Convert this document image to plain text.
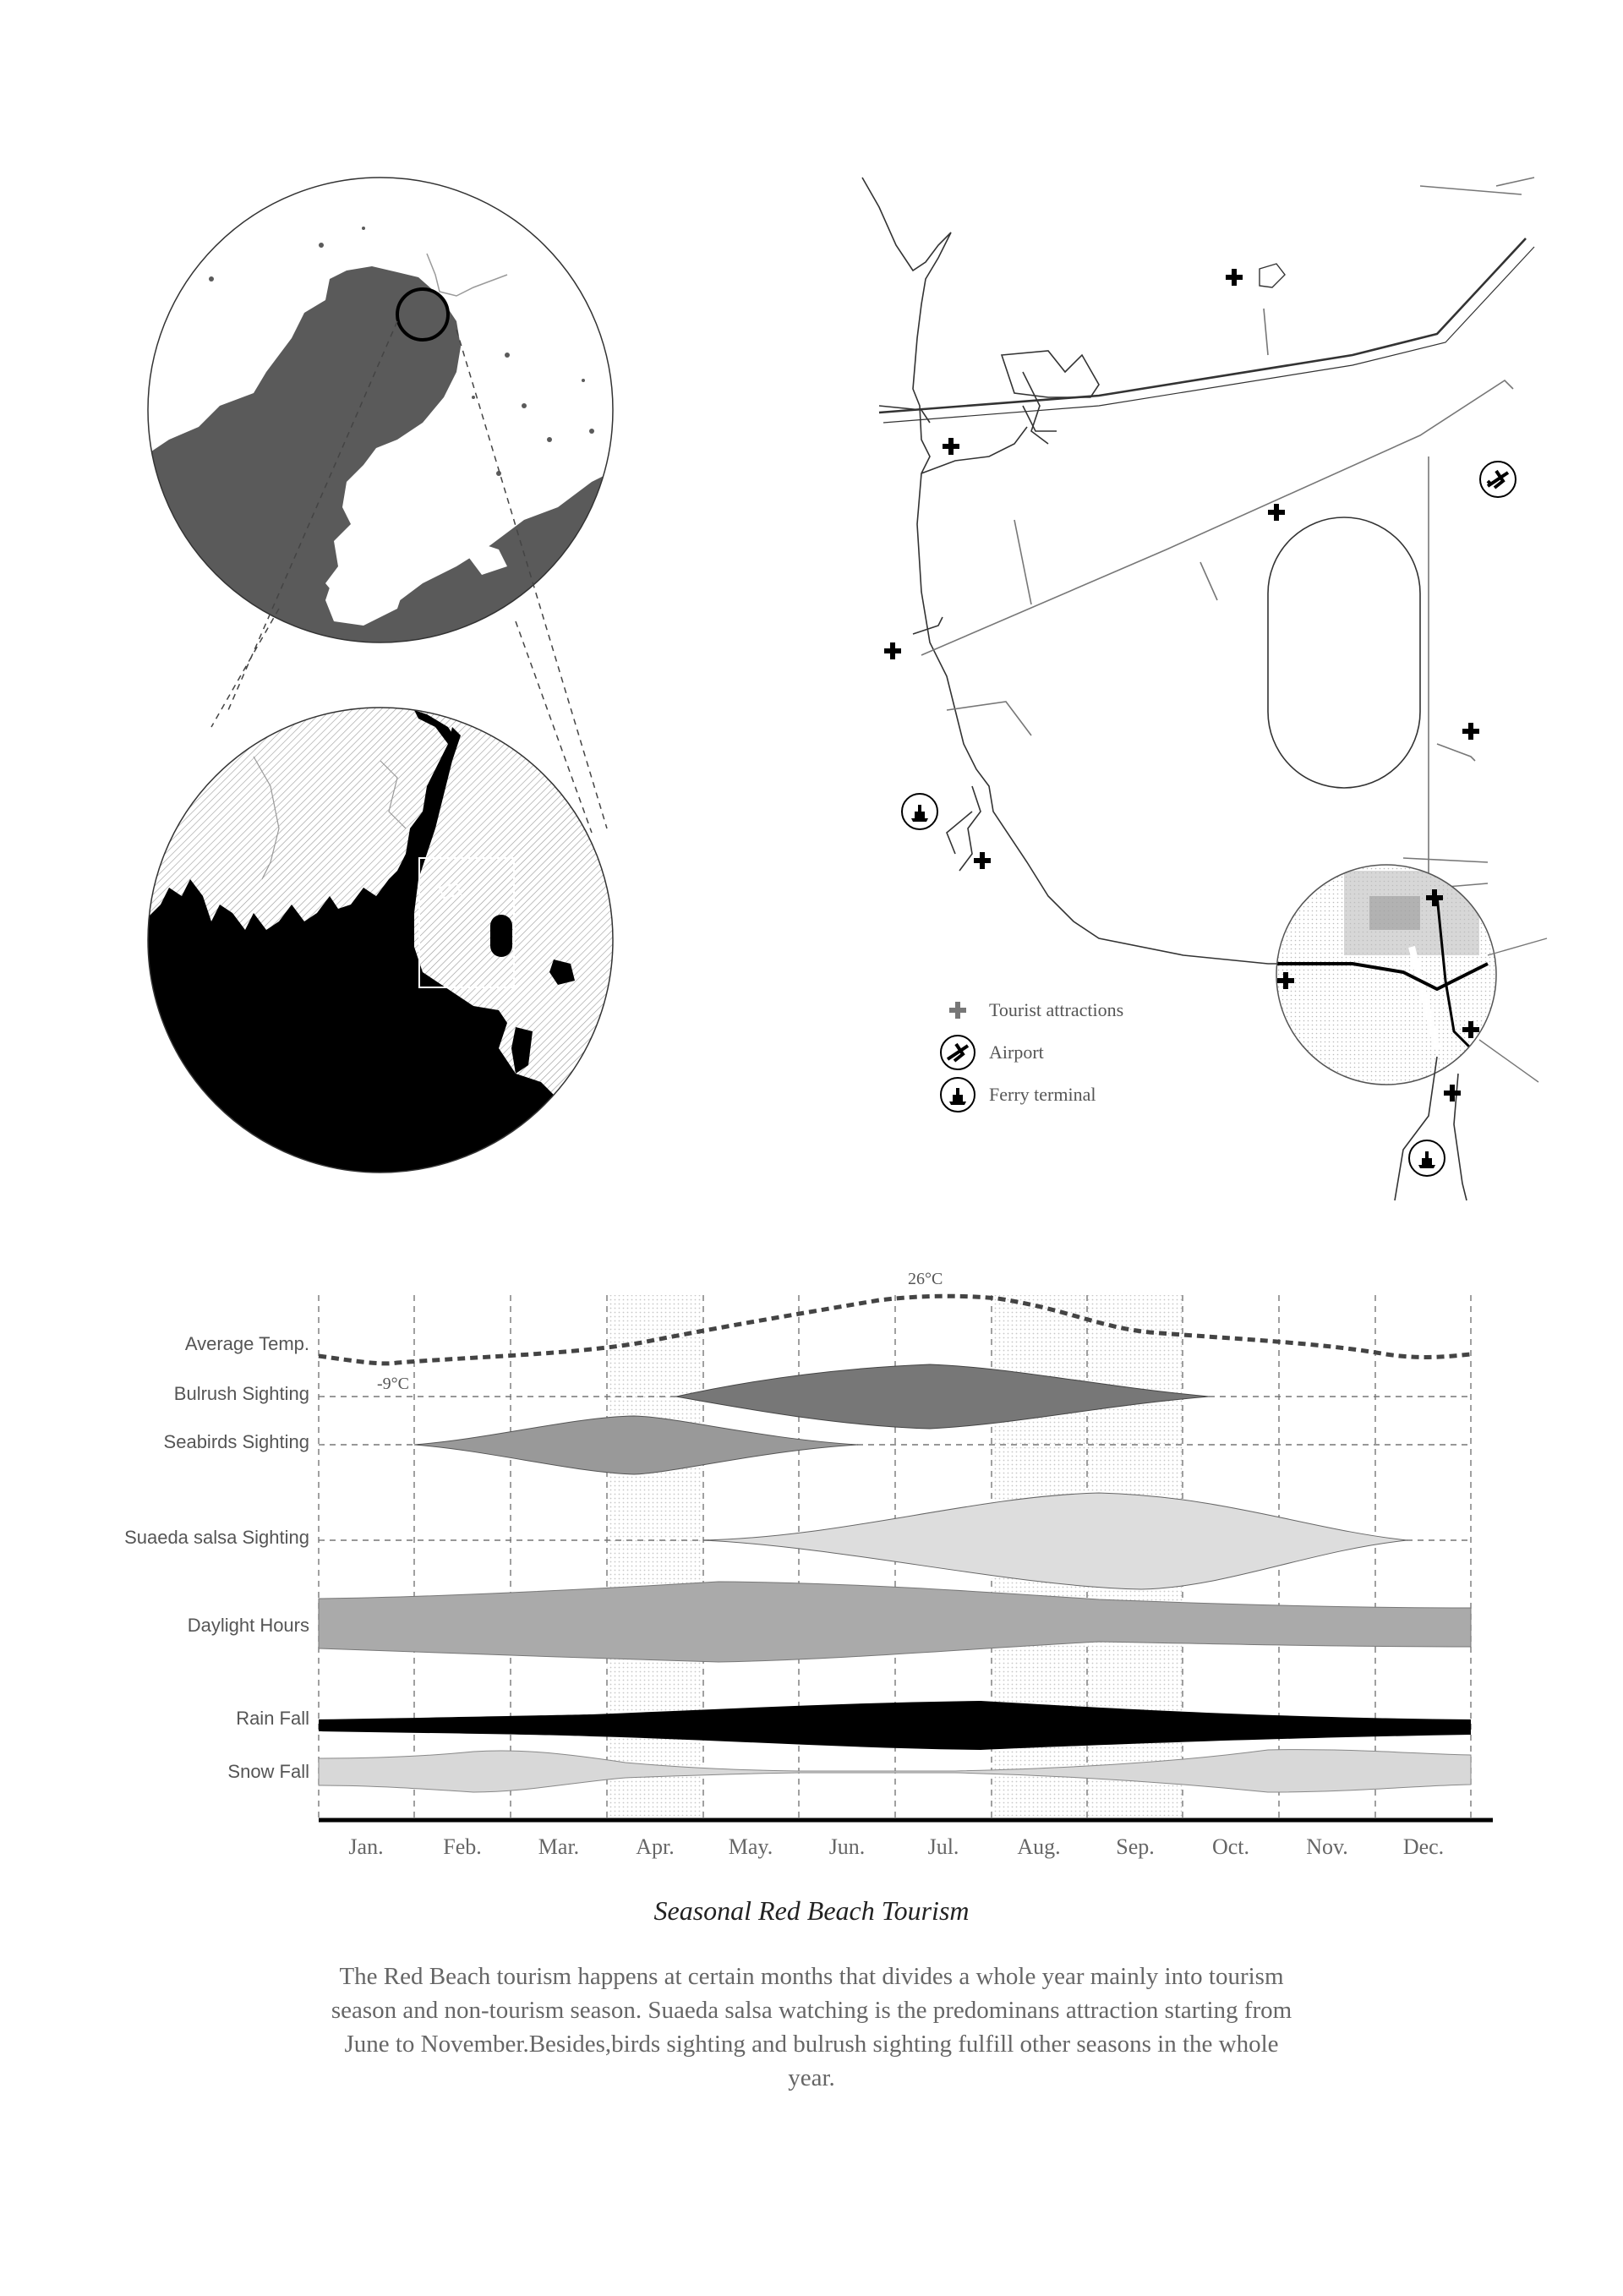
Tourist attractions
Airport
Ferry terminal
Average Temp.
Bulrush Sighting
Seabirds Sighting
Suaeda salsa Sighting
Daylight Hours
Rain Fall
Snow Fall
26°C
-9°C
Jan.	Feb.	Mar.	Apr.	May.	Jun.	Jul.	Aug.	Sep.	Oct.	Nov.	Dec.
Seasonal Red Beach Tourism
The Red Beach tourism happens at certain months that divides a whole year mainly into tourism season and non-tourism season. Suaeda salsa watching is the predominans attraction starting from June to November.Besides,birds sighting and bulrush sighting fulfill other seasons in the whole year.
